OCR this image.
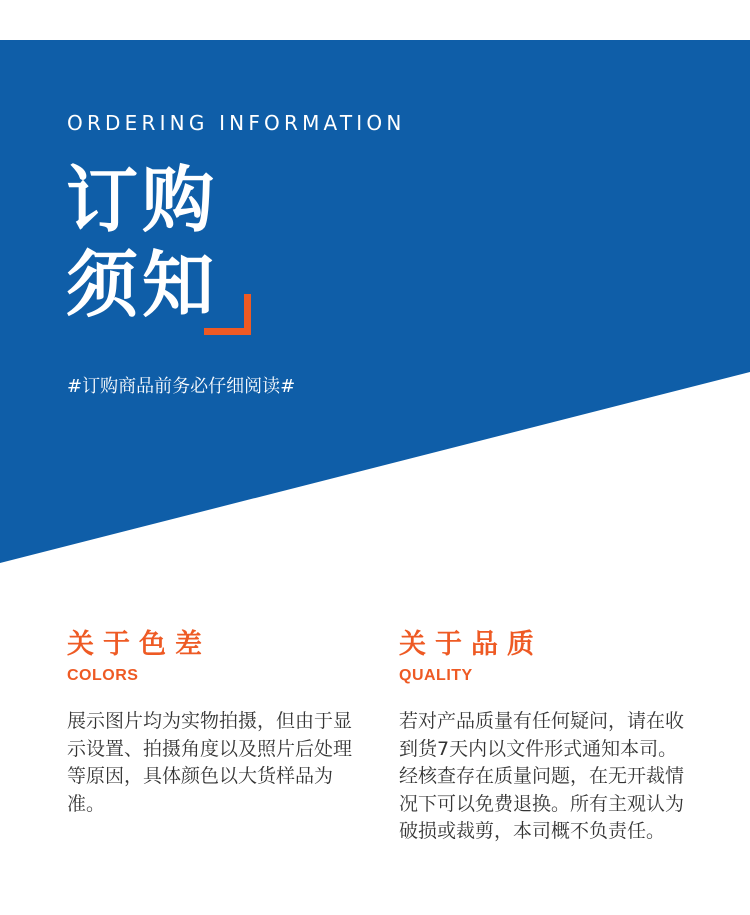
ORDERING INFORMATION

订购
须知

#订购商品前务必仔细阅读#

关于色差

COLORS

展示图片均为实物拍摄，但由于显示设置、拍摄角度以及照片后处理等原因，具体颜色以大货样品为准。

关于品质

QUALITY

若对产品质量有任何疑问，请在收到货7天内以文件形式通知本司。经核查存在质量问题，在无开裁情况下可以免费退换。所有主观认为破损或裁剪，本司概不负责任。
